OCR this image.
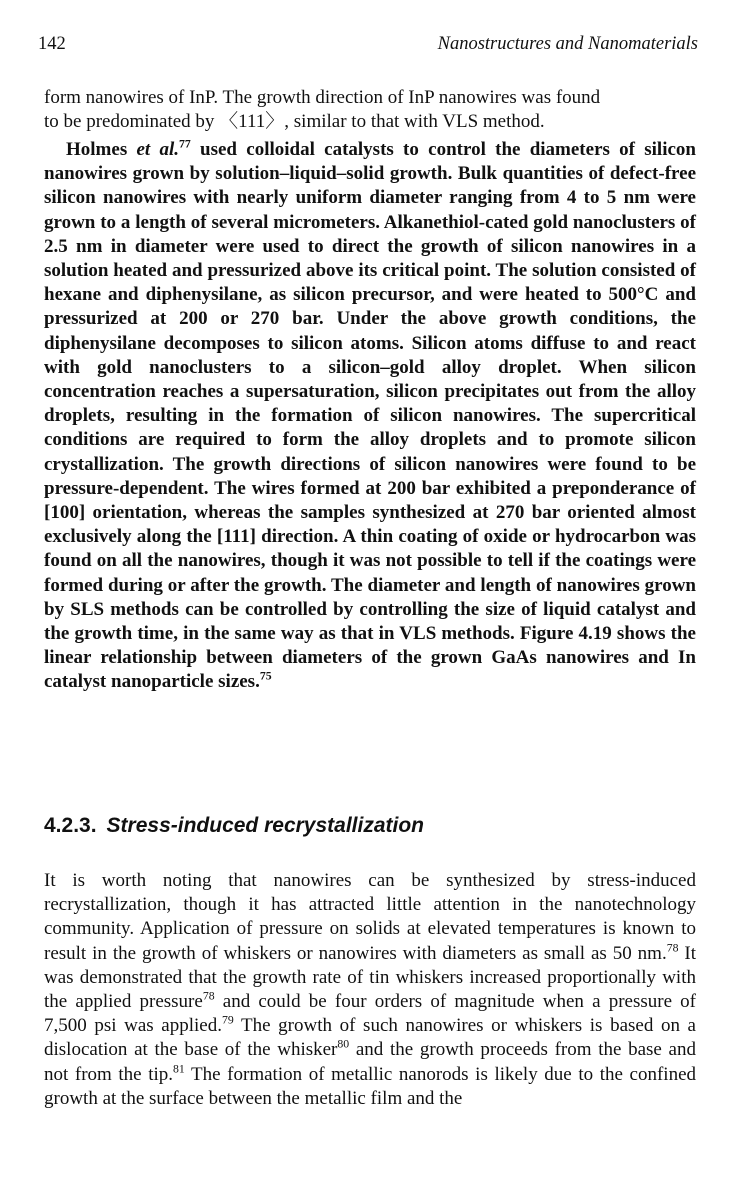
142	Nanostructures and Nanomaterials

form nanowires of InP. The growth direction of InP nanowires was found

to be predominated by 〈111〉, similar to that with VLS method.

Holmes et al.$^{77}$ used colloidal catalysts to control the diameters of silicon nanowires grown by solution–liquid–solid growth. Bulk quantities of defect-free silicon nanowires with nearly uniform diameter ranging from 4 to 5 nm were grown to a length of several micrometers. Alkanethiol-cated gold nanoclusters of 2.5 nm in diameter were used to direct the growth of silicon nanowires in a solution heated and pressurized above its critical point. The solution consisted of hexane and diphenysilane, as silicon precursor, and were heated to 500°C and pressurized at 200 or 270 bar. Under the above growth conditions, the diphenysilane decomposes to silicon atoms. Silicon atoms diffuse to and react with gold nanoclusters to a silicon–gold alloy droplet. When silicon concentration reaches a supersaturation, silicon precipitates out from the alloy droplets, resulting in the formation of silicon nanowires. The supercritical conditions are required to form the alloy droplets and to promote silicon crystallization. The growth directions of silicon nanowires were found to be pressure-dependent. The wires formed at 200 bar exhibited a preponderance of [100] orientation, whereas the samples synthesized at 270 bar oriented almost exclusively along the [111] direction. A thin coating of oxide or hydrocarbon was found on all the nanowires, though it was not possible to tell if the coatings were formed during or after the growth. The diameter and length of nanowires grown by SLS methods can be controlled by controlling the size of liquid catalyst and the growth time, in the same way as that in VLS methods. Figure 4.19 shows the linear relationship between diameters of the grown GaAs nanowires and In catalyst nanoparticle sizes.$^{75}$

4.2.3. Stress-induced recrystallization

It is worth noting that nanowires can be synthesized by stress-induced recrystallization, though it has attracted little attention in the nanotechnology community. Application of pressure on solids at elevated temperatures is known to result in the growth of whiskers or nanowires with diameters as small as 50 nm.$^{78}$ It was demonstrated that the growth rate of tin whiskers increased proportionally with the applied pressure$^{78}$ and could be four orders of magnitude when a pressure of 7,500 psi was applied.$^{79}$ The growth of such nanowires or whiskers is based on a dislocation at the base of the whisker$^{80}$ and the growth proceeds from the base and not from the tip.$^{81}$ The formation of metallic nanorods is likely due to the confined growth at the surface between the metallic film and the
